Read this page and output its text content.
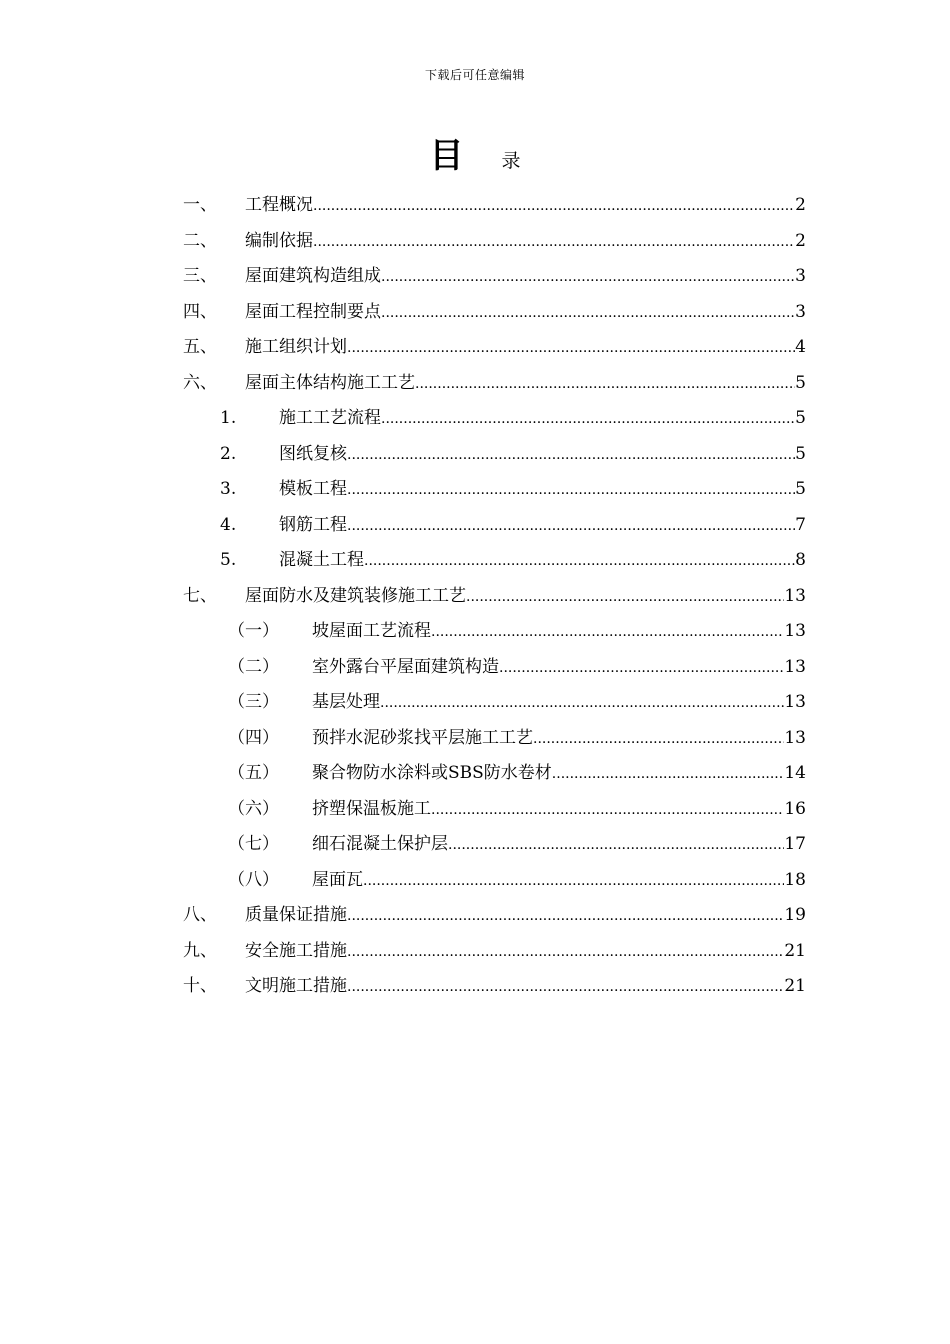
下载后可任意编辑
目 录
一、 工程概况 .....	2
二、 编制依据 .....	2
三、 屋面建筑构造组成 .....	3
四、 屋面工程控制要点 .....	3
五、 施工组织计划 .....	4
六、 屋面主体结构施工工艺 .....	5
1.	施工工艺流程 .....	5
2.	图纸复核 .....	5
3.	模板工程 .....	5
4.	钢筋工程 .....	7
5.	混凝土工程 .....	8
七、 屋面防水及建筑装修施工工艺 .....	13
（一） 坡屋面工艺流程 .....	13
（二） 室外露台平屋面建筑构造 .....	13
（三） 基层处理 .....	13
（四） 预拌水泥砂浆找平层施工工艺 .....	13
（五） 聚合物防水涂料或SBS防水卷材 .....	14
（六） 挤塑保温板施工 .....	16
（七） 细石混凝土保护层 .....	17
（八） 屋面瓦 .....	18
八、 质量保证措施 .....	19
九、 安全施工措施 .....	21
十、 文明施工措施 .....	21
